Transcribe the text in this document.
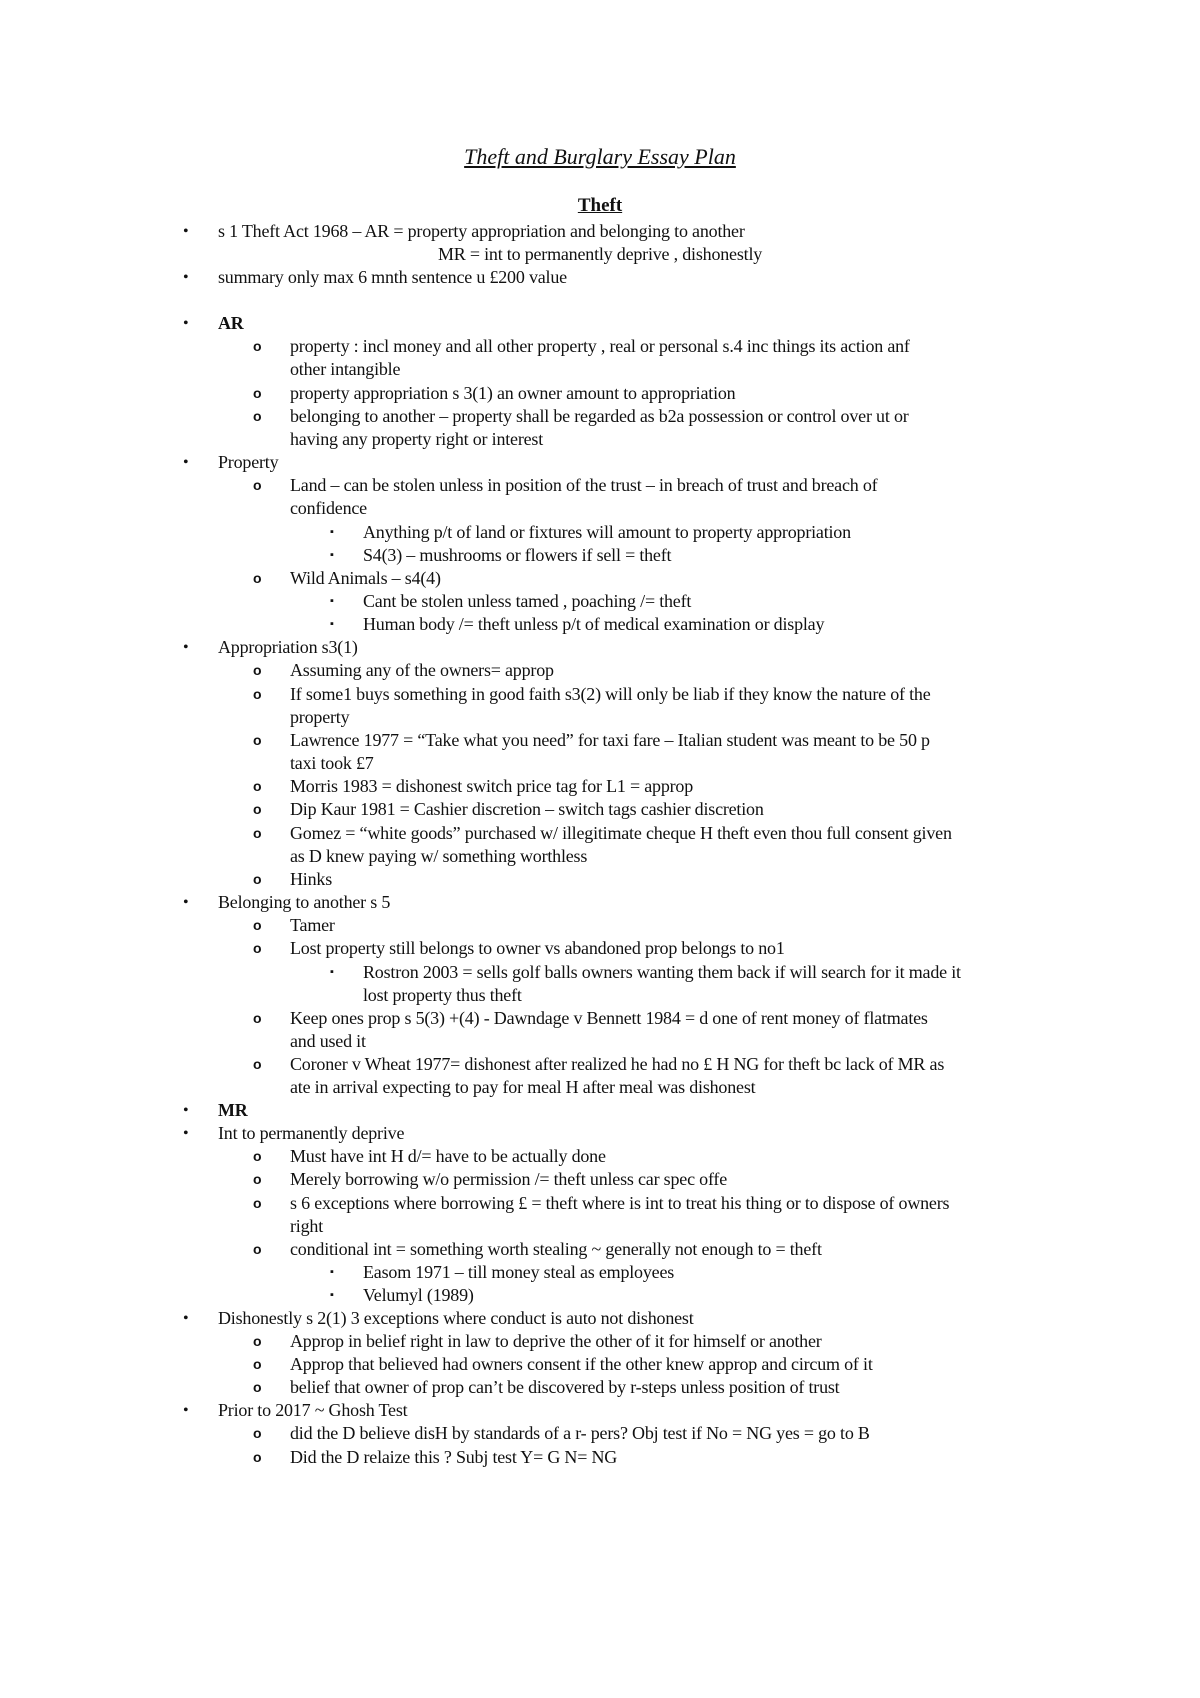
Theft and Burglary Essay Plan
Theft
s 1 Theft Act 1968 – AR = property appropriation and belonging to another
•
MR = int to permanently deprive , dishonestly
summary only max 6 mnth sentence u £200 value
•
AR
•
property : incl money and all other property , real or personal s.4 inc things its action anf
o
other intangible
property appropriation s 3(1) an owner amount to appropriation
o
belonging to another – property shall be regarded as b2a possession or control over ut or
o
having any property right or interest
Property
•
Land – can be stolen unless in position of the trust – in breach of trust and breach of
o
confidence
Anything p/t of land or fixtures will amount to property appropriation
▪
S4(3) – mushrooms or flowers if sell = theft
▪
Wild Animals – s4(4)
o
Cant be stolen unless tamed , poaching /= theft
▪
Human body /= theft unless p/t of medical examination or display
▪
Appropriation s3(1)
•
Assuming any of the owners= approp
o
If some1 buys something in good faith s3(2) will only be liab if they know the nature of the
o
property
Lawrence 1977 = “Take what you need” for taxi fare – Italian student was meant to be 50 p
o
taxi took £7
Morris 1983 = dishonest switch price tag for L1 = approp
o
Dip Kaur 1981 = Cashier discretion – switch tags cashier discretion
o
Gomez = “white goods” purchased w/ illegitimate cheque H theft even thou full consent given
o
as D knew paying w/ something worthless
Hinks
o
Belonging to another s 5
•
Tamer
o
Lost property still belongs to owner vs abandoned prop belongs to no1
o
Rostron 2003 = sells golf balls owners wanting them back if will search for it made it
▪
lost property thus theft
Keep ones prop s 5(3) +(4) - Dawndage v Bennett 1984 = d one of rent money of flatmates
o
and used it
Coroner v Wheat 1977= dishonest after realized he had no £ H NG for theft bc lack of MR as
o
ate in arrival expecting to pay for meal H after meal was dishonest
MR
•
Int to permanently deprive
•
Must have int H d/= have to be actually done
o
Merely borrowing w/o permission /= theft unless car spec offe
o
s 6 exceptions where borrowing £ = theft where is int to treat his thing or to dispose of owners
o
right
conditional int = something worth stealing ~ generally not enough to = theft
o
Easom 1971 – till money steal as employees
▪
Velumyl (1989)
▪
Dishonestly s 2(1) 3 exceptions where conduct is auto not dishonest
•
Approp in belief right in law to deprive the other of it for himself or another
o
Approp that believed had owners consent if the other knew approp and circum of it
o
belief that owner of prop can’t be discovered by r-steps unless position of trust
o
Prior to 2017 ~ Ghosh Test
•
did the D believe disH by standards of a r- pers? Obj test if No = NG yes = go to B
o
Did the D relaize this ? Subj test Y= G N= NG
o
